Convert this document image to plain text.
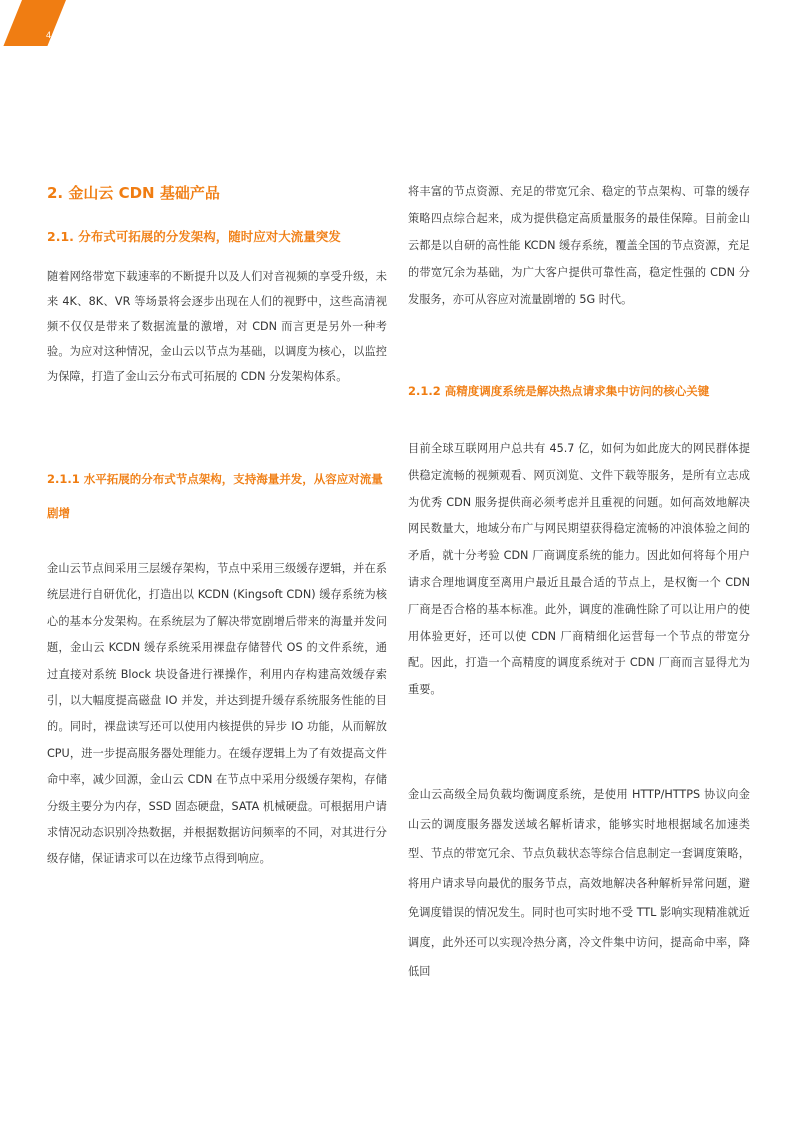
4
2. 金山云 CDN 基础产品
2.1. 分布式可拓展的分发架构，随时应对大流量突发

随着网络带宽下载速率的不断提升以及人们对音视频的享受升级，未来 4K、8K、VR 等场景将会逐步出现在人们的视野中，这些高清视频不仅仅是带来了数据流量的激增，对 CDN 而言更是另外一种考验。为应对这种情况，金山云以节点为基础，以调度为核心，以监控为保障，打造了金山云分布式可拓展的 CDN 分发架构体系。

2.1.1 水平拓展的分布式节点架构，支持海量并发，从容应对流量剧增

金山云节点间采用三层缓存架构，节点中采用三级缓存逻辑，并在系统层进行自研优化，打造出以 KCDN (Kingsoft CDN) 缓存系统为核心的基本分发架构。在系统层为了解决带宽剧增后带来的海量并发问题，金山云 KCDN 缓存系统采用裸盘存储替代 OS 的文件系统，通过直接对系统 Block 块设备进行裸操作，利用内存构建高效缓存索引，以大幅度提高磁盘 IO 并发，并达到提升缓存系统服务性能的目的。同时，裸盘读写还可以使用内核提供的异步 IO 功能，从而解放 CPU，进一步提高服务器处理能力。在缓存逻辑上为了有效提高文件命中率，减少回源，金山云 CDN 在节点中采用分级缓存架构，存储分级主要分为内存，SSD 固态硬盘，SATA 机械硬盘。可根据用户请求情况动态识别冷热数据，并根据数据访问频率的不同，对其进行分级存储，保证请求可以在边缘节点得到响应。

将丰富的节点资源、充足的带宽冗余、稳定的节点架构、可靠的缓存策略四点综合起来，成为提供稳定高质量服务的最佳保障。目前金山云都是以自研的高性能 KCDN 缓存系统，覆盖全国的节点资源，充足的带宽冗余为基础，为广大客户提供可靠性高，稳定性强的 CDN 分发服务，亦可从容应对流量剧增的 5G 时代。

2.1.2 高精度调度系统是解决热点请求集中访问的核心关键

目前全球互联网用户总共有 45.7 亿，如何为如此庞大的网民群体提供稳定流畅的视频观看、网页浏览、文件下载等服务，是所有立志成为优秀 CDN 服务提供商必须考虑并且重视的问题。如何高效地解决网民数量大，地域分布广与网民期望获得稳定流畅的冲浪体验之间的矛盾，就十分考验 CDN 厂商调度系统的能力。因此如何将每个用户请求合理地调度至离用户最近且最合适的节点上，是权衡一个 CDN 厂商是否合格的基本标准。此外，调度的准确性除了可以让用户的使用体验更好，还可以使 CDN 厂商精细化运营每一个节点的带宽分配。因此，打造一个高精度的调度系统对于 CDN 厂商而言显得尤为重要。

金山云高级全局负载均衡调度系统，是使用 HTTP/HTTPS 协议向金山云的调度服务器发送域名解析请求，能够实时地根据域名加速类型、节点的带宽冗余、节点负载状态等综合信息制定一套调度策略，将用户请求导向最优的服务节点，高效地解决各种解析异常问题，避免调度错误的情况发生。同时也可实时地不受 TTL 影响实现精准就近调度，此外还可以实现冷热分离，冷文件集中访问，提高命中率，降低回
